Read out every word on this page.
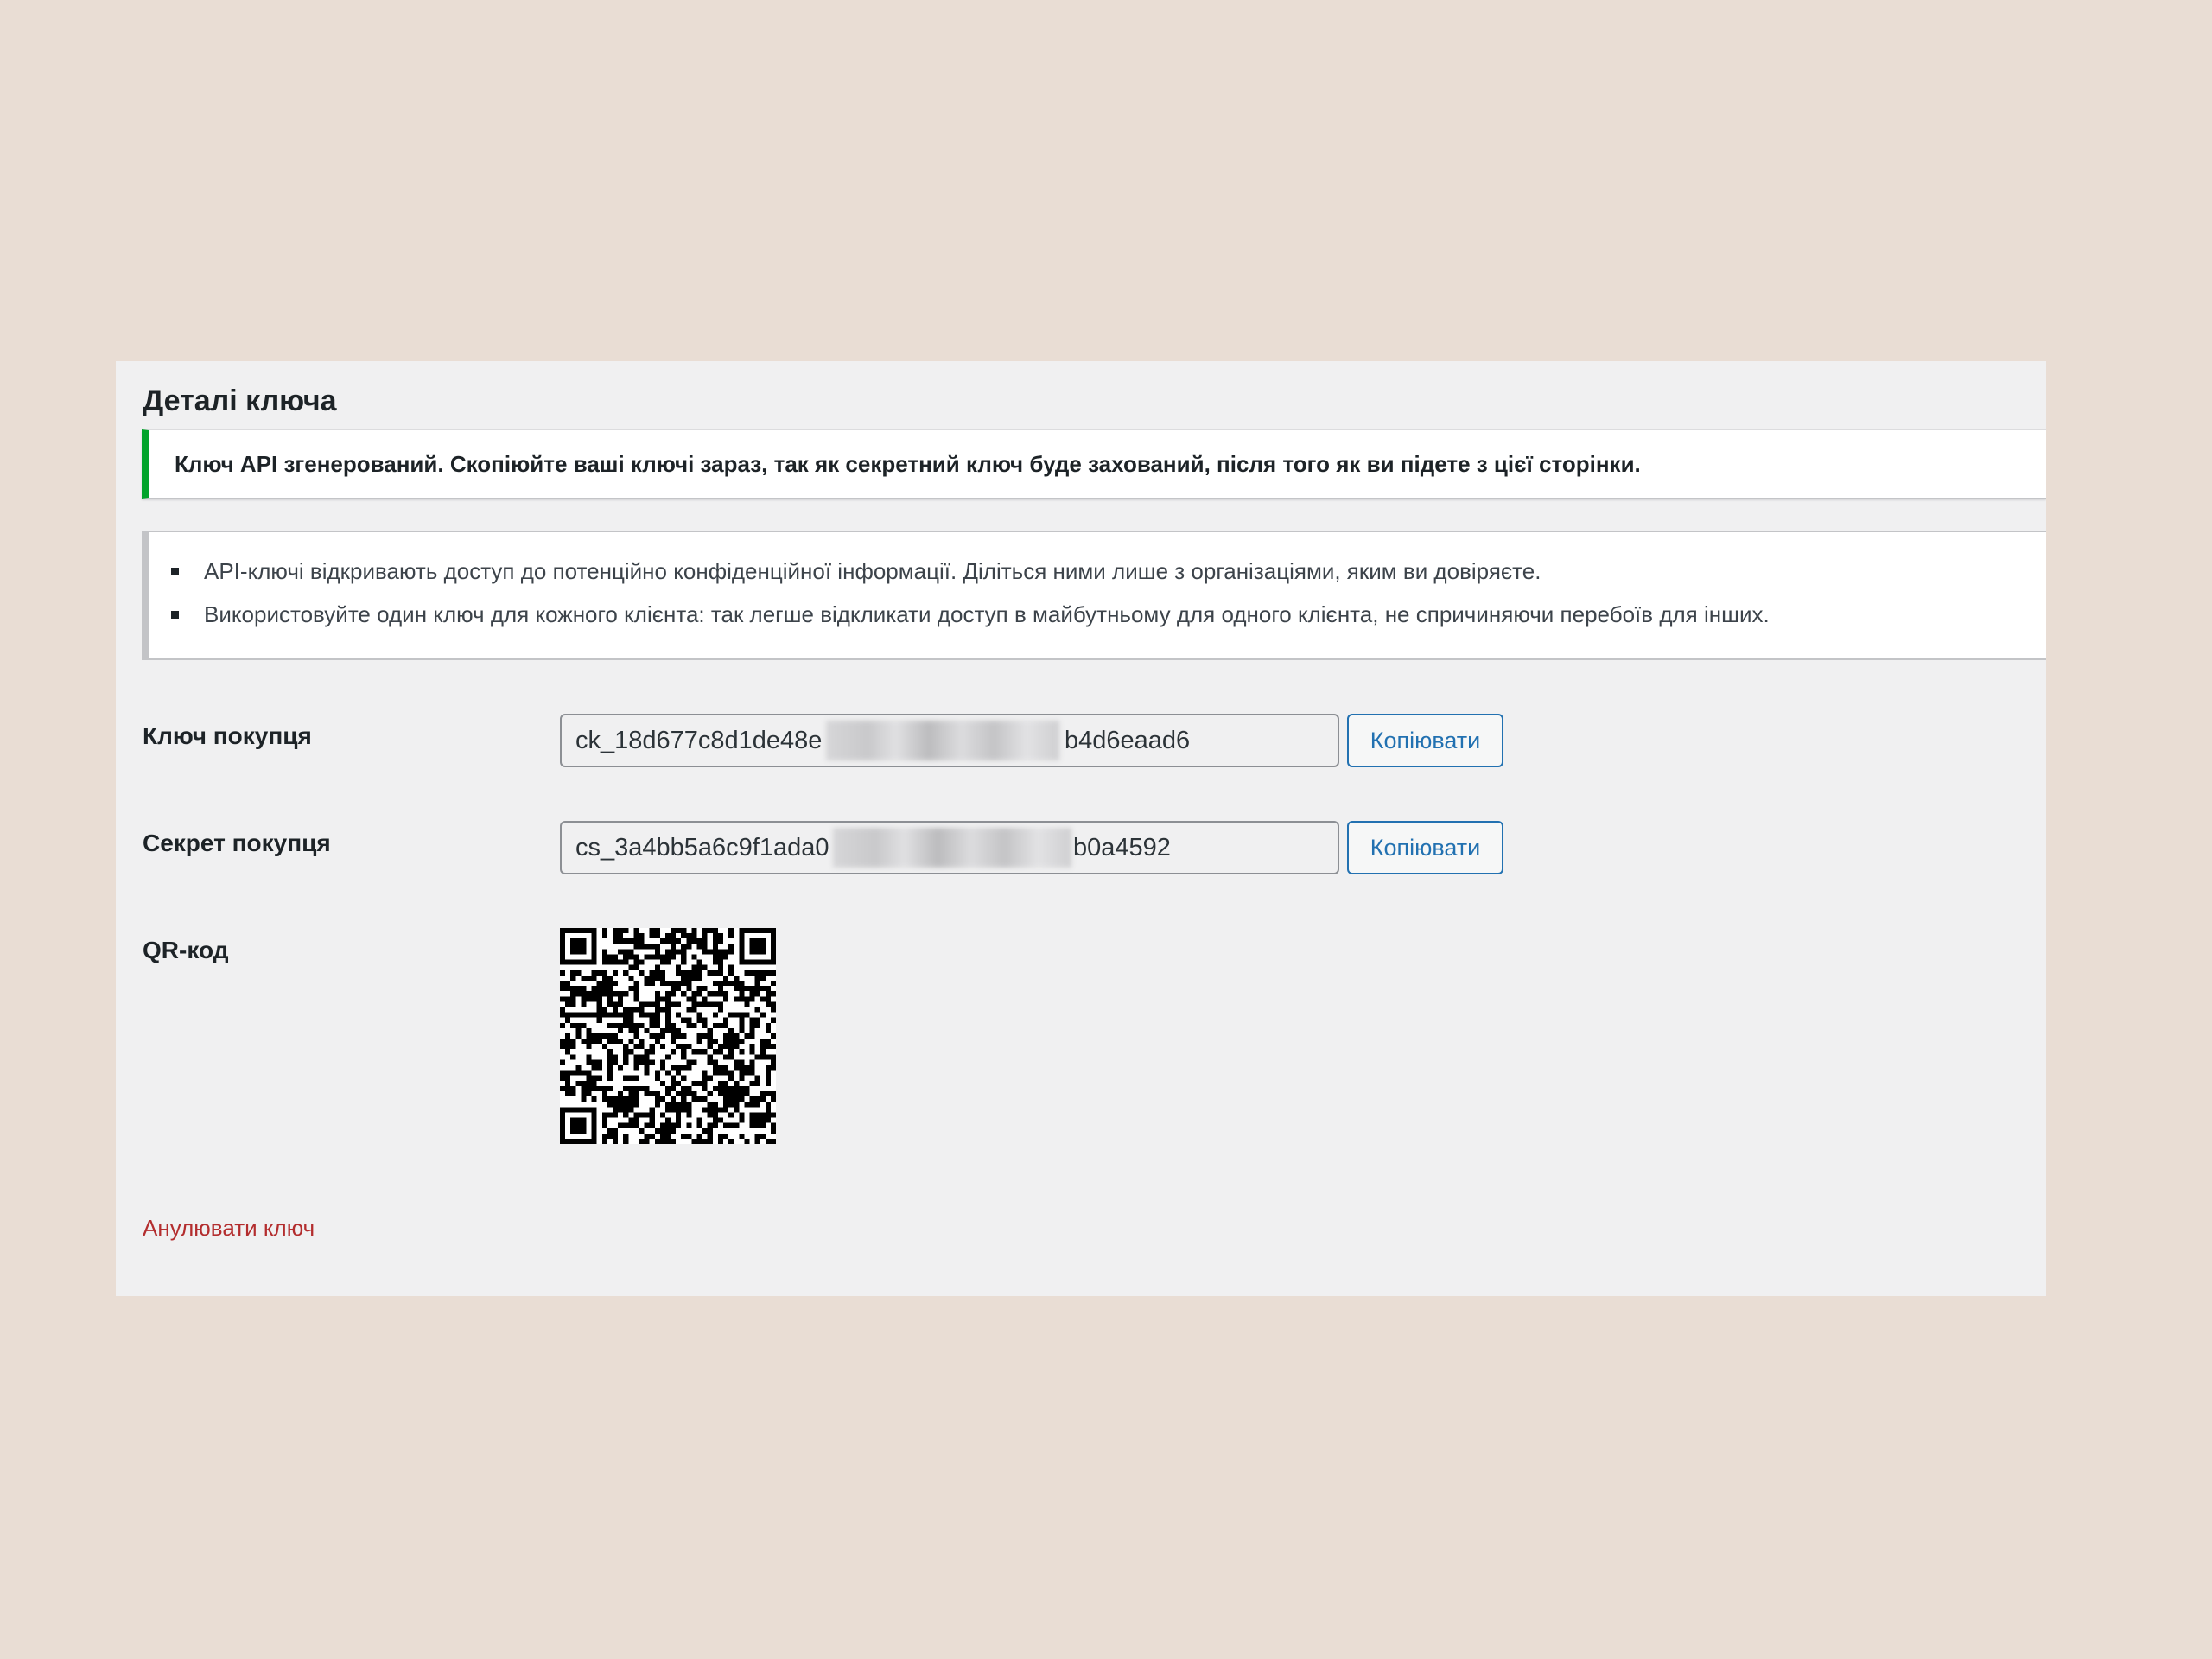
Деталі ключа

Ключ API згенерований. Скопіюйте ваші ключі зараз, так як секретний ключ буде захований, після того як ви підете з цієї сторінки.

API-ключі відкривають доступ до потенційно конфіденційної інформації. Діліться ними лише з організаціями, яким ви довіряєте.
Використовуйте один ключ для кожного клієнта: так легше відкликати доступ в майбутньому для одного клієнта, не спричиняючи перебоїв для інших.
Ключ покупця	ck_18d677c8d1de48e	b4d6eaad6	Копіювати
Секрет покупця	cs_3a4bb5a6c9f1ada0	b0a4592	Копіювати
QR-код
Анулювати ключ
